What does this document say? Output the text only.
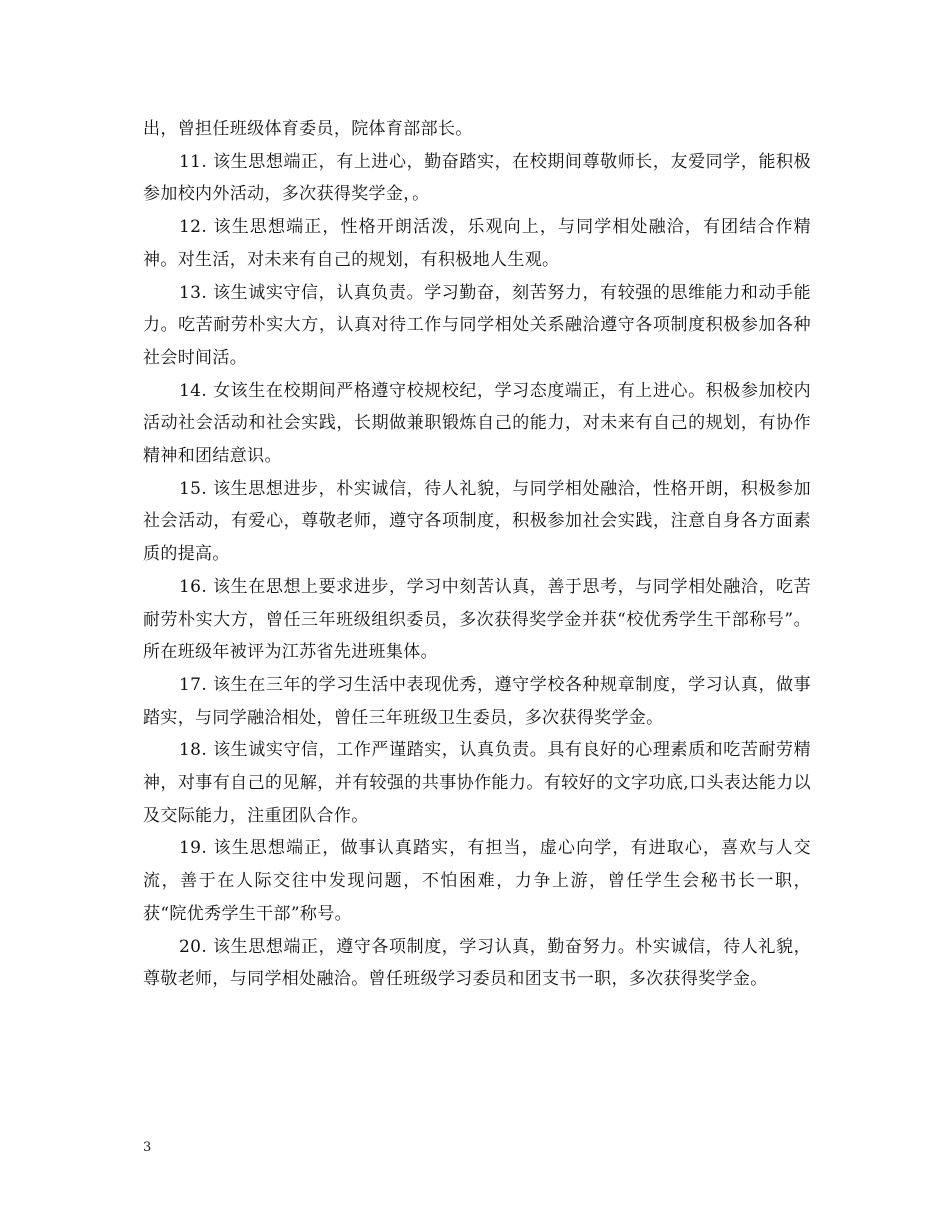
出，曾担任班级体育委员，院体育部部长。

11. 该生思想端正，有上进心，勤奋踏实，在校期间尊敬师长，友爱同学，能积极参加校内外活动，多次获得奖学金，。

12. 该生思想端正，性格开朗活泼，乐观向上，与同学相处融洽，有团结合作精神。对生活，对未来有自己的规划，有积极地人生观。

13. 该生诚实守信，认真负责。学习勤奋，刻苦努力，有较强的思维能力和动手能力。吃苦耐劳朴实大方，认真对待工作与同学相处关系融洽遵守各项制度积极参加各种社会时间活。

14. 女该生在校期间严格遵守校规校纪，学习态度端正，有上进心。积极参加校内活动社会活动和社会实践，长期做兼职锻炼自己的能力，对未来有自己的规划，有协作精神和团结意识。

15. 该生思想进步，朴实诚信，待人礼貌，与同学相处融洽，性格开朗，积极参加社会活动，有爱心，尊敬老师，遵守各项制度，积极参加社会实践，注意自身各方面素质的提高。

16. 该生在思想上要求进步，学习中刻苦认真，善于思考，与同学相处融洽，吃苦耐劳朴实大方，曾任三年班级组织委员，多次获得奖学金并获“校优秀学生干部称号”。所在班级年被评为江苏省先进班集体。

17. 该生在三年的学习生活中表现优秀，遵守学校各种规章制度，学习认真，做事踏实，与同学融洽相处，曾任三年班级卫生委员，多次获得奖学金。

18. 该生诚实守信，工作严谨踏实，认真负责。具有良好的心理素质和吃苦耐劳精神，对事有自己的见解，并有较强的共事协作能力。有较好的文字功底,口头表达能力以及交际能力，注重团队合作。

19. 该生思想端正，做事认真踏实，有担当，虚心向学，有进取心，喜欢与人交流，善于在人际交往中发现问题，不怕困难，力争上游，曾任学生会秘书长一职，获“院优秀学生干部”称号。

20. 该生思想端正，遵守各项制度，学习认真，勤奋努力。朴实诚信，待人礼貌，尊敬老师，与同学相处融洽。曾任班级学习委员和团支书一职，多次获得奖学金。

3
